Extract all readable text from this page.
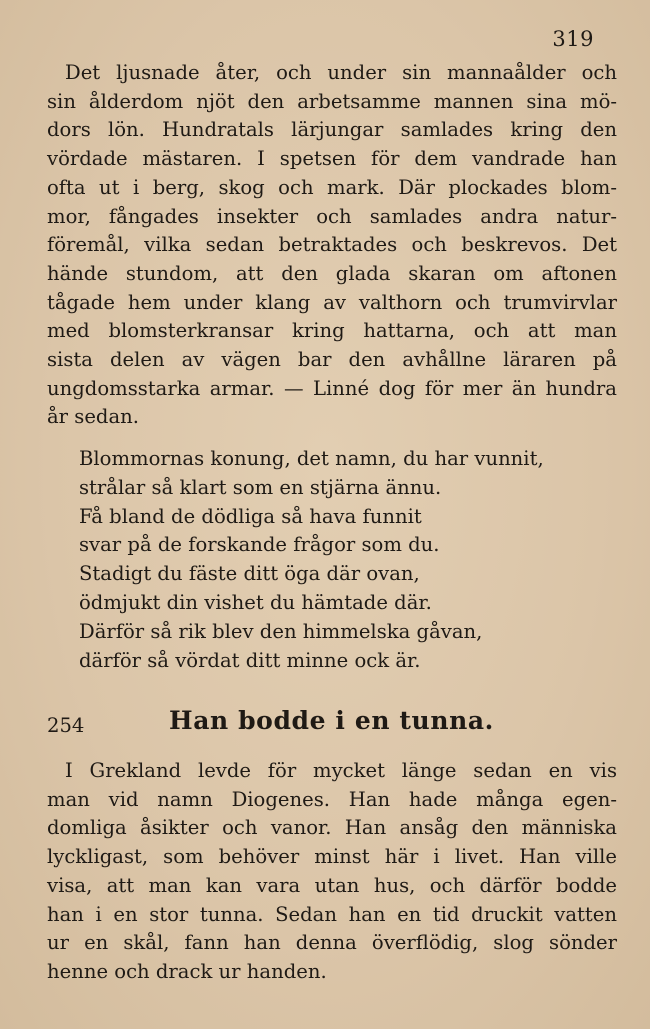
319

Det ljusnade åter, och under sin mannaålder och
sin ålderdom njöt den arbetsamme mannen sina mö-
dors lön. Hundratals lärjungar samlades kring den
vördade mästaren. I spetsen för dem vandrade han
ofta ut i berg, skog och mark. Där plockades blom-
mor, fångades insekter och samlades andra natur-
föremål, vilka sedan betraktades och beskrevos. Det
hände stundom, att den glada skaran om aftonen
tågade hem under klang av valthorn och trumvirvlar
med blomsterkransar kring hattarna, och att man
sista delen av vägen bar den avhållne läraren på
ungdomsstarka armar. — Linné dog för mer än hundra
år sedan.

Blommornas konung, det namn, du har vunnit,
strålar så klart som en stjärna ännu.
Få bland de dödliga så hava funnit
svar på de forskande frågor som du.
Stadigt du fäste ditt öga där ovan,
ödmjukt din vishet du hämtade där.
Därför så rik blev den himmelska gåvan,
därför så vördat ditt minne ock är.
254	Han bodde i en tunna.

I Grekland levde för mycket länge sedan en vis
man vid namn Diogenes. Han hade många egen-
domliga åsikter och vanor. Han ansåg den människa
lyckligast, som behöver minst här i livet. Han ville
visa, att man kan vara utan hus, och därför bodde
han i en stor tunna. Sedan han en tid druckit vatten
ur en skål, fann han denna överflödig, slog sönder
henne och drack ur handen.
